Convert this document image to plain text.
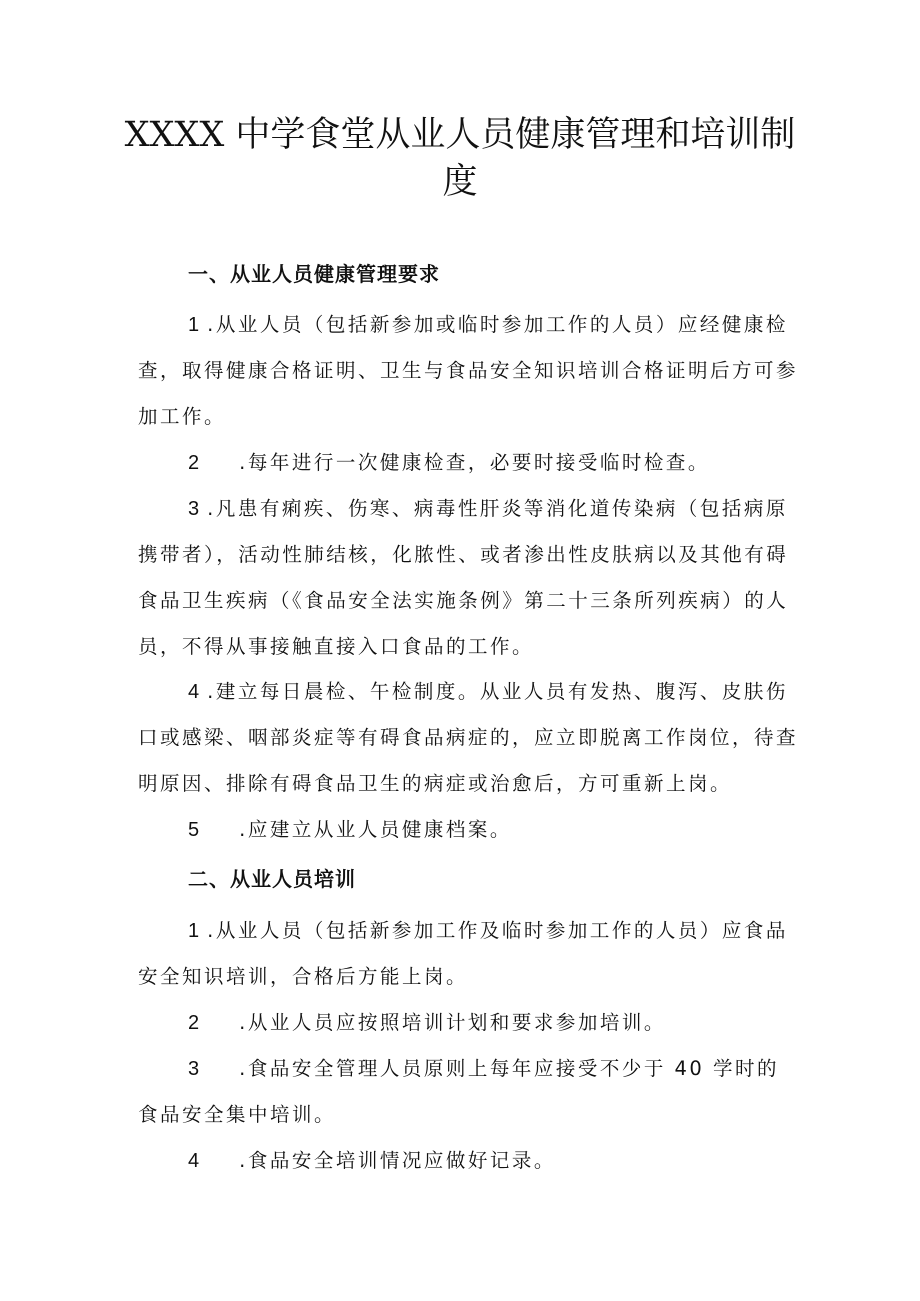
XXXX 中学食堂从业人员健康管理和培训制
度
一、从业人员健康管理要求
1 .从业人员（包括新参加或临时参加工作的人员）应经健康检
查，取得健康合格证明、卫生与食品安全知识培训合格证明后方可参
加工作。
2 .每年进行一次健康检查，必要时接受临时检查。
3 .凡患有痢疾、伤寒、病毒性肝炎等消化道传染病（包括病原
携带者），活动性肺结核，化脓性、或者渗出性皮肤病以及其他有碍
食品卫生疾病（《食品安全法实施条例》第二十三条所列疾病）的人
员，不得从事接触直接入口食品的工作。
4 .建立每日晨检、午检制度。从业人员有发热、腹泻、皮肤伤
口或感梁、咽部炎症等有碍食品病症的，应立即脱离工作岗位，待查
明原因、排除有碍食品卫生的病症或治愈后，方可重新上岗。
5 .应建立从业人员健康档案。
二、从业人员培训
1 .从业人员（包括新参加工作及临时参加工作的人员）应食品
安全知识培训，合格后方能上岗。
2 .从业人员应按照培训计划和要求参加培训。
3 .食品安全管理人员原则上每年应接受不少于 40 学时的
食品安全集中培训。
4 .食品安全培训情况应做好记录。
